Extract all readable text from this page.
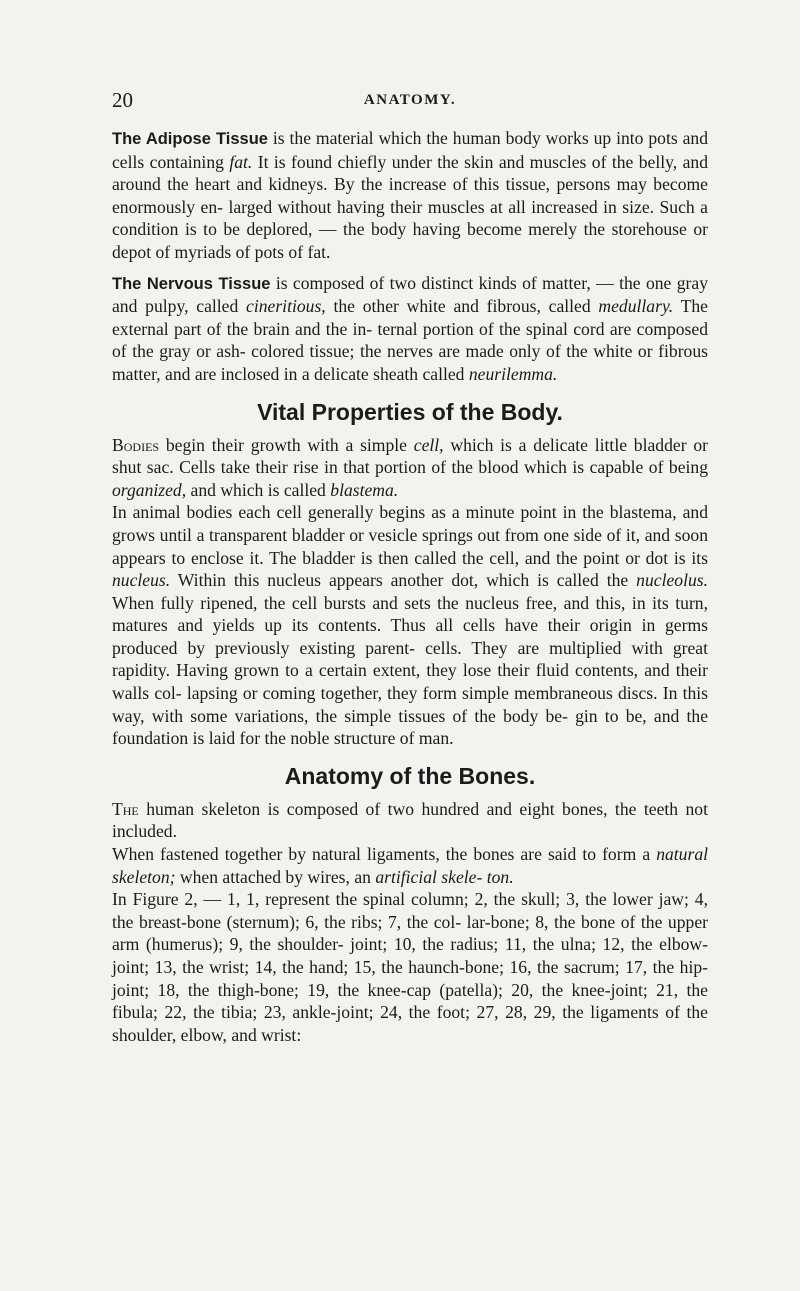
20	ANATOMY.

The Adipose Tissue is the material which the human body works up into pots and cells containing fat. It is found chiefly under the skin and muscles of the belly, and around the heart and kidneys. By the increase of this tissue, persons may become enormously en- larged without having their muscles at all increased in size. Such a condition is to be deplored, — the body having become merely the storehouse or depot of myriads of pots of fat.

The Nervous Tissue is composed of two distinct kinds of matter, — the one gray and pulpy, called cineritious, the other white and fibrous, called medullary. The external part of the brain and the in- ternal portion of the spinal cord are composed of the gray or ash- colored tissue; the nerves are made only of the white or fibrous matter, and are inclosed in a delicate sheath called neurilemma.

Vital Properties of the Body.

Bodies begin their growth with a simple cell, which is a delicate little bladder or shut sac. Cells take their rise in that portion of the blood which is capable of being organized, and which is called blastema.

In animal bodies each cell generally begins as a minute point in the blastema, and grows until a transparent bladder or vesicle springs out from one side of it, and soon appears to enclose it. The bladder is then called the cell, and the point or dot is its nucleus. Within this nucleus appears another dot, which is called the nucleolus. When fully ripened, the cell bursts and sets the nucleus free, and this, in its turn, matures and yields up its contents. Thus all cells have their origin in germs produced by previously existing parent- cells. They are multiplied with great rapidity. Having grown to a certain extent, they lose their fluid contents, and their walls col- lapsing or coming together, they form simple membraneous discs. In this way, with some variations, the simple tissues of the body be- gin to be, and the foundation is laid for the noble structure of man.

Anatomy of the Bones.

The human skeleton is composed of two hundred and eight bones, the teeth not included.

When fastened together by natural ligaments, the bones are said to form a natural skeleton; when attached by wires, an artificial skele- ton.

In Figure 2, — 1, 1, represent the spinal column; 2, the skull; 3, the lower jaw; 4, the breast-bone (sternum); 6, the ribs; 7, the col- lar-bone; 8, the bone of the upper arm (humerus); 9, the shoulder- joint; 10, the radius; 11, the ulna; 12, the elbow-joint; 13, the wrist; 14, the hand; 15, the haunch-bone; 16, the sacrum; 17, the hip-joint; 18, the thigh-bone; 19, the knee-cap (patella); 20, the knee-joint; 21, the fibula; 22, the tibia; 23, ankle-joint; 24, the foot; 27, 28, 29, the ligaments of the shoulder, elbow, and wrist:
